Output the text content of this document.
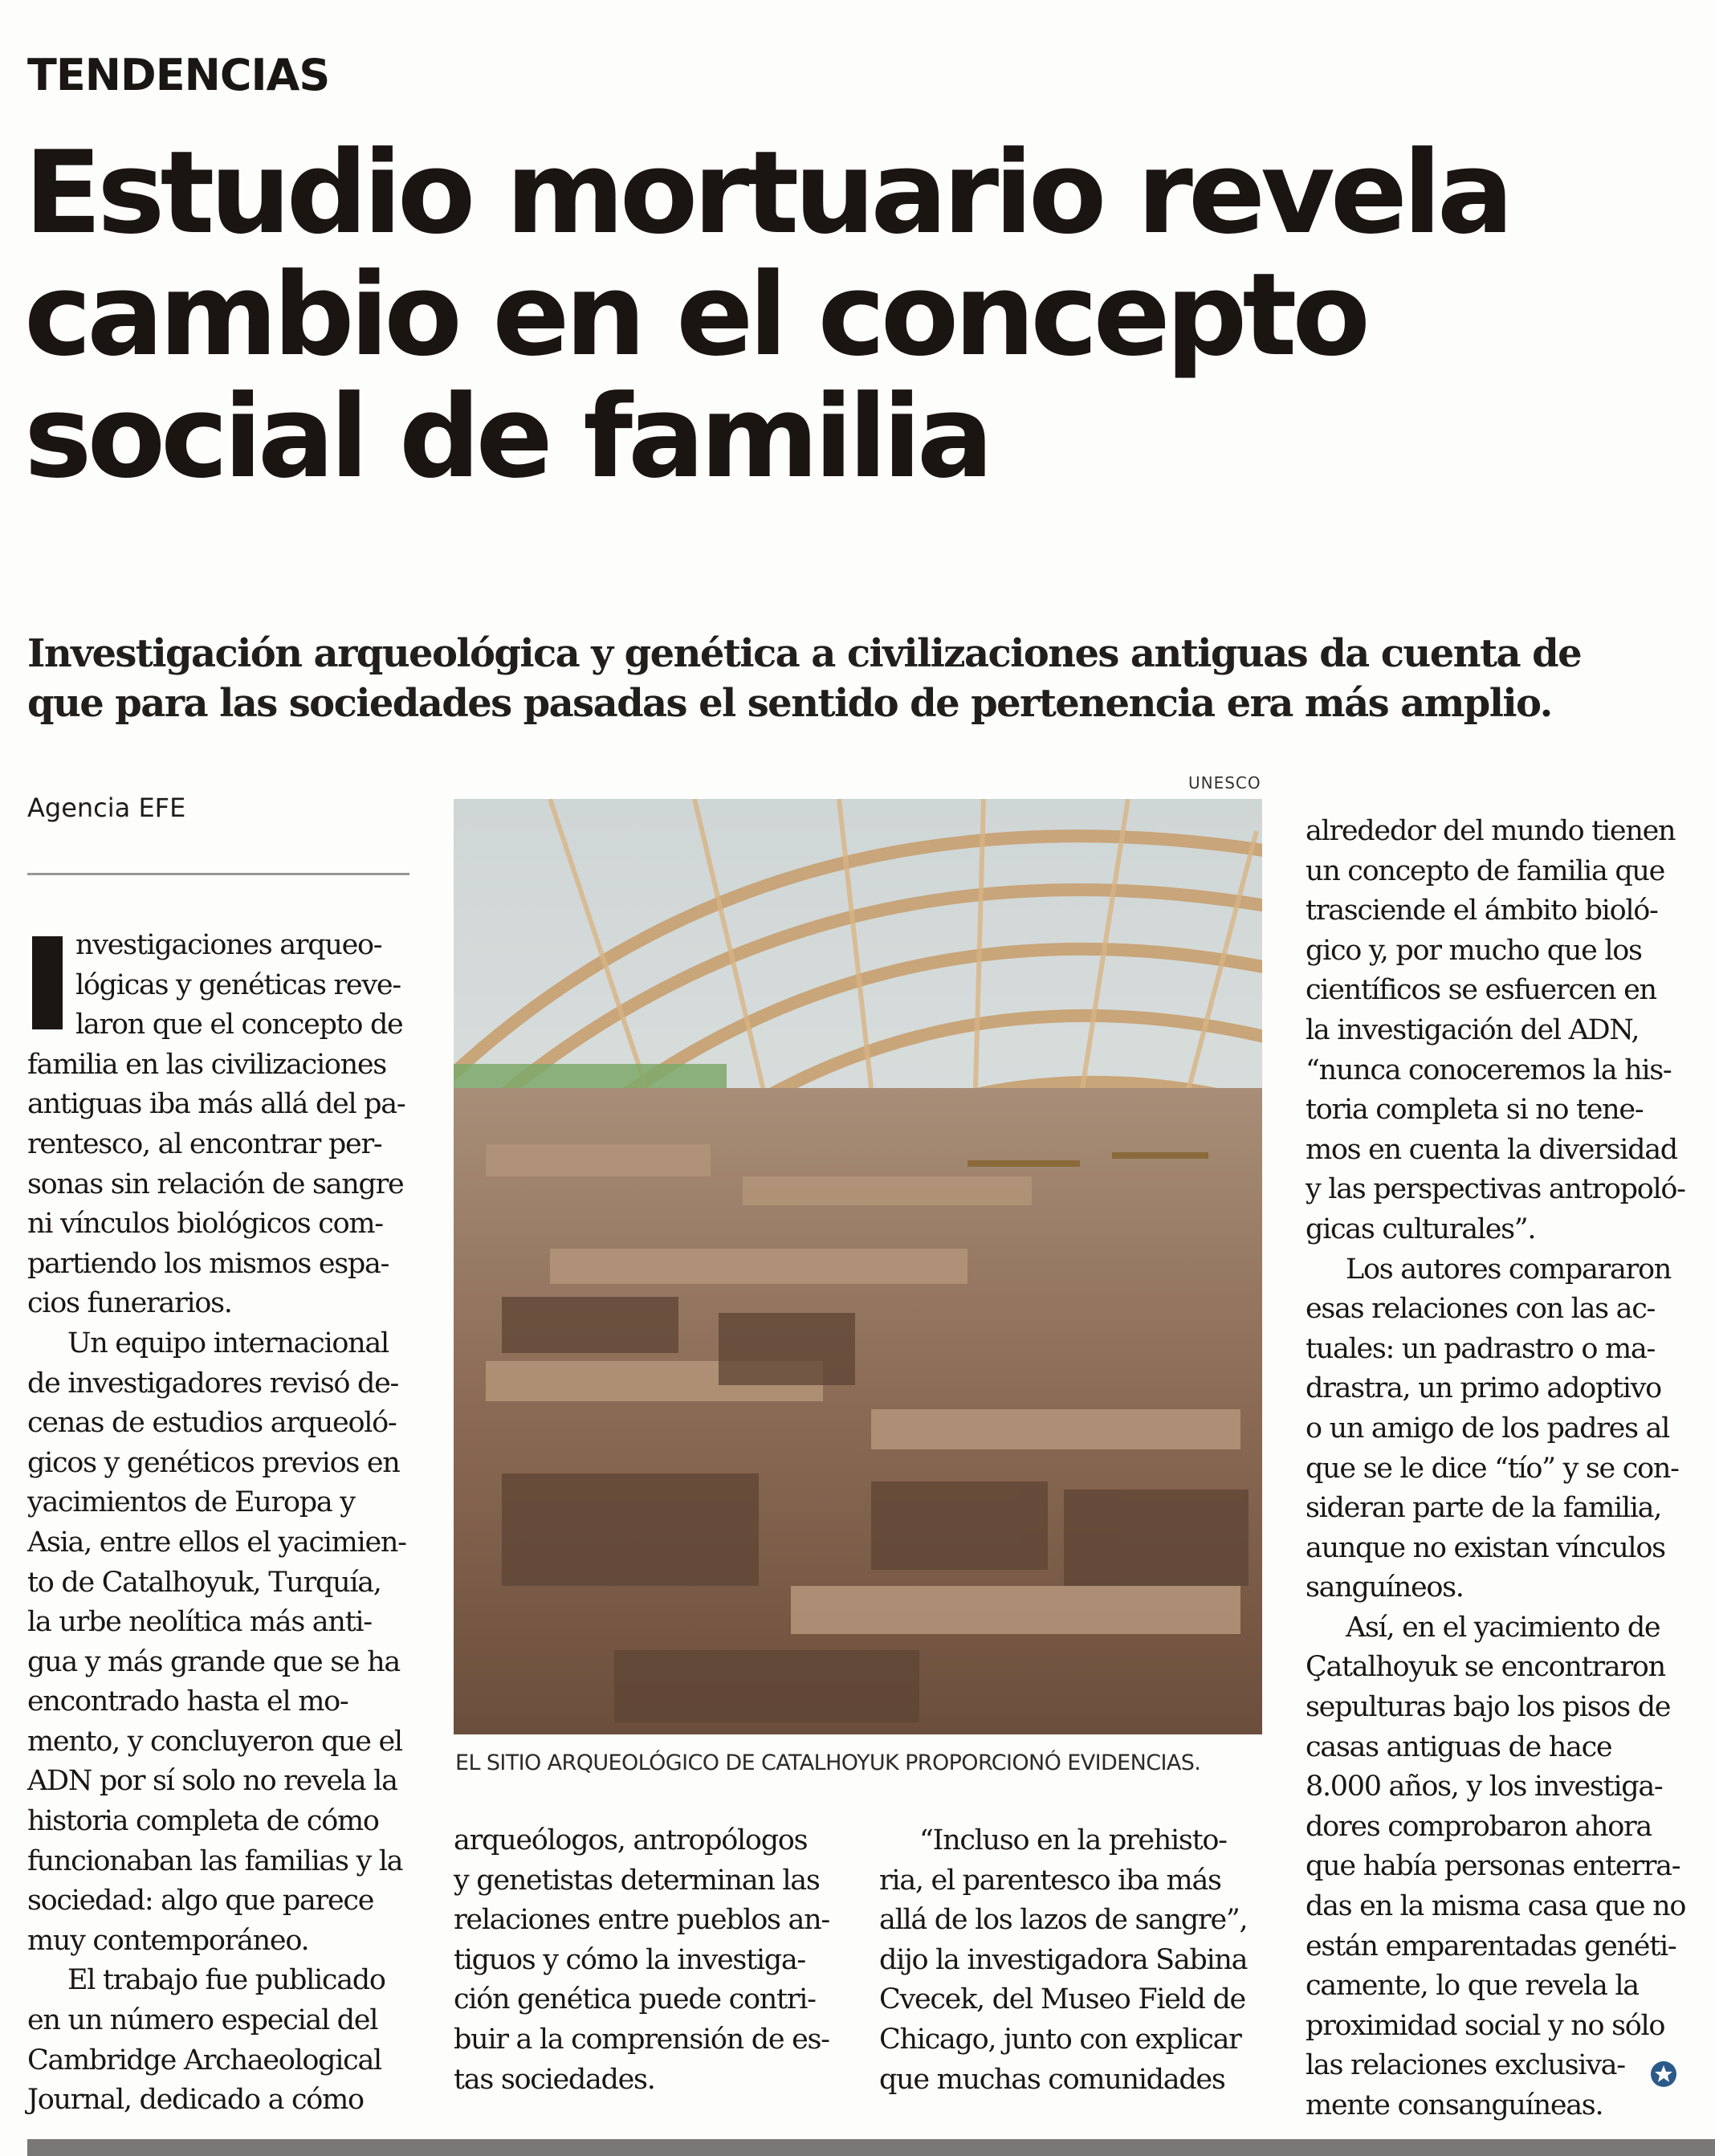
TENDENCIAS
Estudio mortuario revela
cambio en el concepto
social de familia

Investigación arqueológica y genética a civilizaciones antiguas da cuenta de
que para las sociedades pasadas el sentido de pertenencia era más amplio.

Agencia EFE
nvestigaciones arqueo-
lógicas y genéticas reve-
laron que el concepto de
familia en las civilizaciones
antiguas iba más allá del pa-
rentesco, al encontrar per-
sonas sin relación de sangre
ni vínculos biológicos com-
partiendo los mismos espa-
cios funerarios.
Un equipo internacional
de investigadores revisó de-
cenas de estudios arqueoló-
gicos y genéticos previos en
yacimientos de Europa y
Asia, entre ellos el yacimien-
to de Catalhoyuk, Turquía,
la urbe neolítica más anti-
gua y más grande que se ha
encontrado hasta el mo-
mento, y concluyeron que el
ADN por sí solo no revela la
historia completa de cómo
funcionaban las familias y la
sociedad: algo que parece
muy contemporáneo.
El trabajo fue publicado
en un número especial del
Cambridge Archaeological
Journal, dedicado a cómo
UNESCO
EL SITIO ARQUEOLÓGICO DE CATALHOYUK PROPORCIONÓ EVIDENCIAS.
arqueólogos, antropólogos
y genetistas determinan las
relaciones entre pueblos an-
tiguos y cómo la investiga-
ción genética puede contri-
buir a la comprensión de es-
tas sociedades.
“Incluso en la prehisto-
ria, el parentesco iba más
allá de los lazos de sangre”,
dijo la investigadora Sabina
Cvecek, del Museo Field de
Chicago, junto con explicar
que muchas comunidades
alrededor del mundo tienen
un concepto de familia que
trasciende el ámbito bioló-
gico y, por mucho que los
científicos se esfuercen en
la investigación del ADN,
“nunca conoceremos la his-
toria completa si no tene-
mos en cuenta la diversidad
y las perspectivas antropoló-
gicas culturales”.
Los autores compararon
esas relaciones con las ac-
tuales: un padrastro o ma-
drastra, un primo adoptivo
o un amigo de los padres al
que se le dice “tío” y se con-
sideran parte de la familia,
aunque no existan vínculos
sanguíneos.
Así, en el yacimiento de
Çatalhoyuk se encontraron
sepulturas bajo los pisos de
casas antiguas de hace
8.000 años, y los investiga-
dores comprobaron ahora
que había personas enterra-
das en la misma casa que no
están emparentadas genéti-
camente, lo que revela la
proximidad social y no sólo
las relaciones exclusiva-
mente consanguíneas.
